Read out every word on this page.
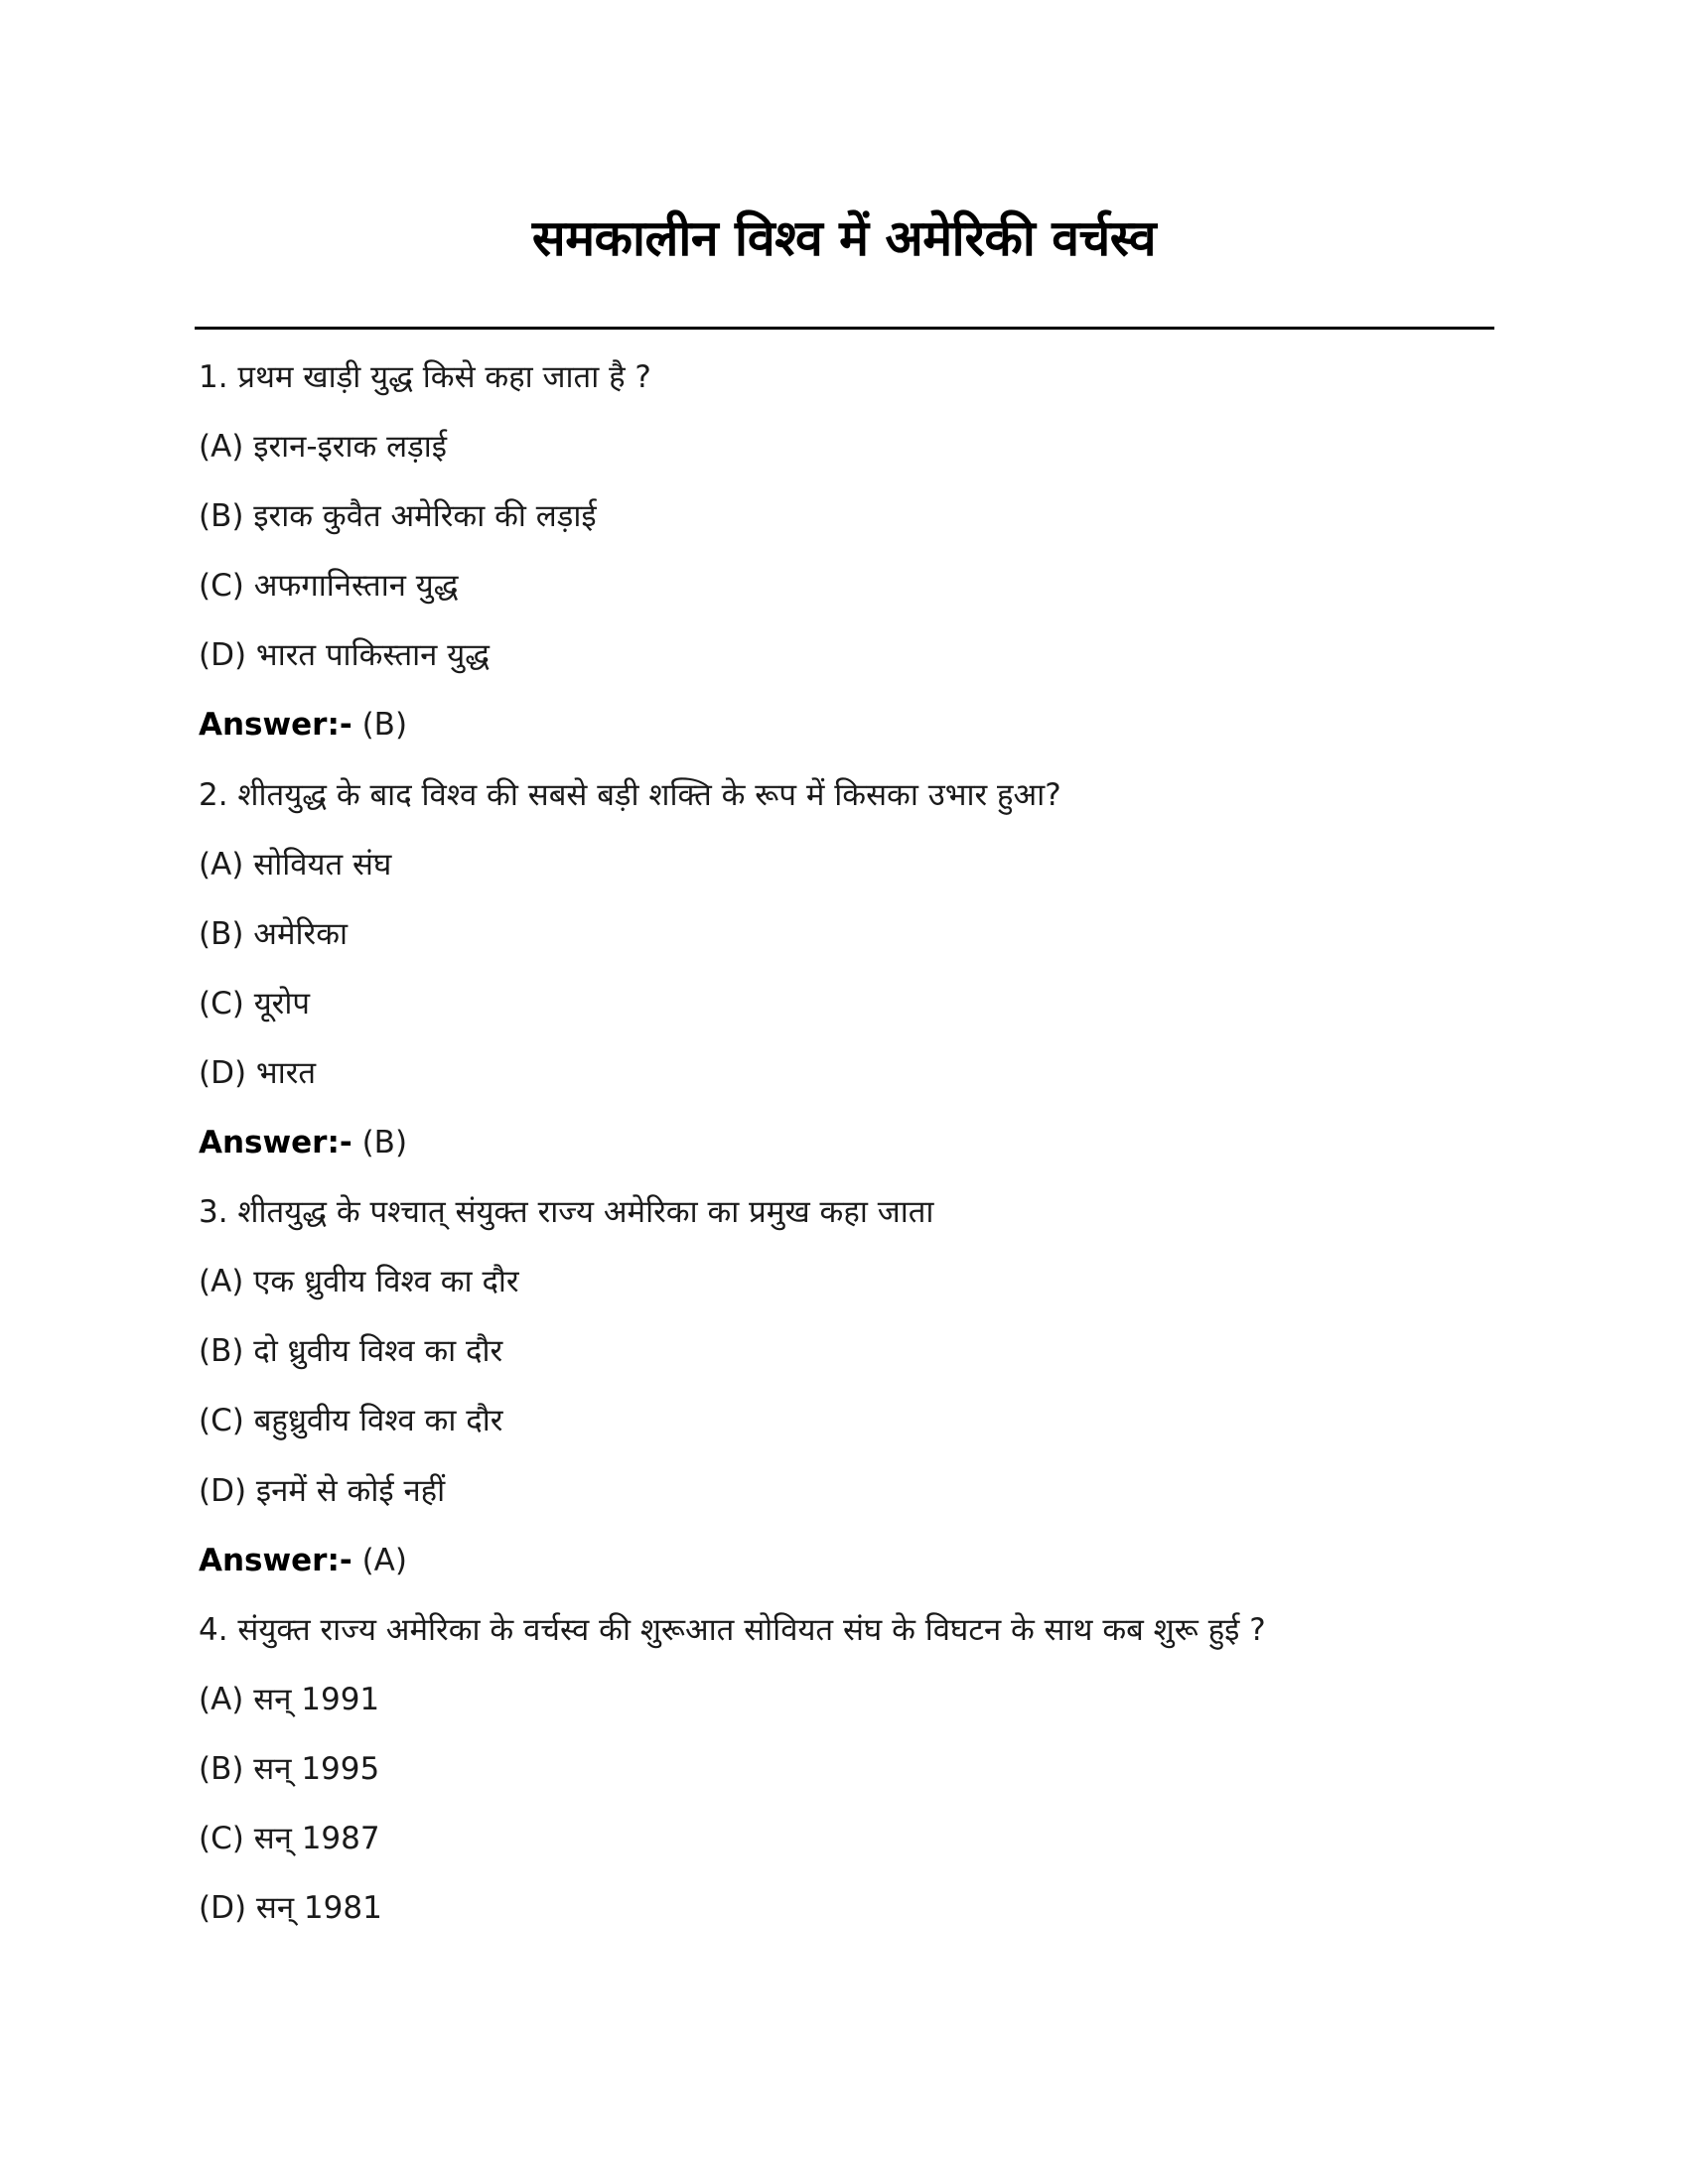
समकालीन विश्व में अमेरिकी वर्चस्व
1. प्रथम खाड़ी युद्ध किसे कहा जाता है ?
(A) इरान-इराक लड़ाई
(B) इराक कुवैत अमेरिका की लड़ाई
(C) अफगानिस्तान युद्ध
(D) भारत पाकिस्तान युद्ध
Answer:- (B)
2. शीतयुद्ध के बाद विश्व की सबसे बड़ी शक्ति के रूप में किसका उभार हुआ?
(A) सोवियत संघ
(B) अमेरिका
(C) यूरोप
(D) भारत
Answer:- (B)
3. शीतयुद्ध के पश्चात् संयुक्त राज्य अमेरिका का प्रमुख कहा जाता
(A) एक ध्रुवीय विश्व का दौर
(B) दो ध्रुवीय विश्व का दौर
(C) बहुध्रुवीय विश्व का दौर
(D) इनमें से कोई नहीं
Answer:- (A)
4. संयुक्त राज्य अमेरिका के वर्चस्व की शुरूआत सोवियत संघ के विघटन के साथ कब शुरू हुई ?
(A) सन् 1991
(B) सन् 1995
(C) सन् 1987
(D) सन् 1981
